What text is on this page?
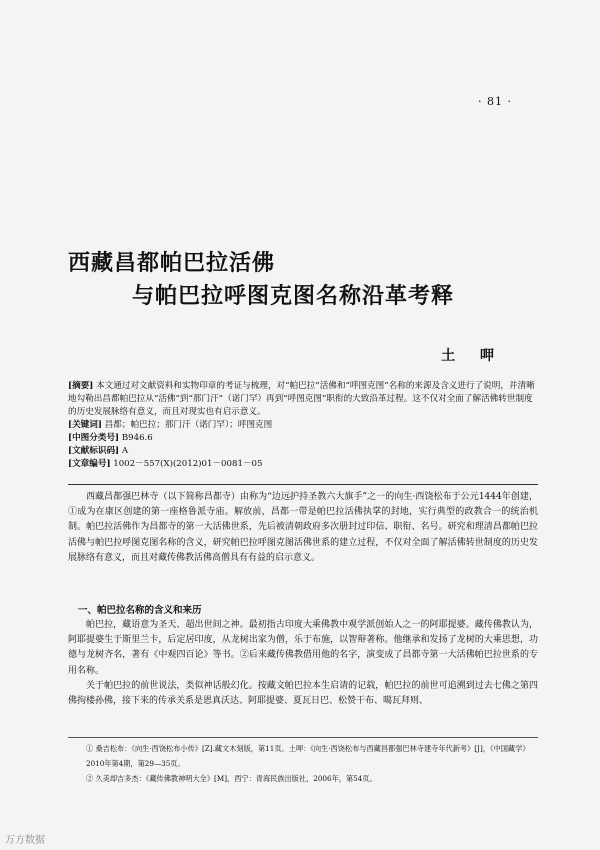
· 81 ·
西藏昌都帕巴拉活佛
与帕巴拉呼图克图名称沿革考释
土 呷

[摘要] 本文通过对文献资料和实物印章的考证与梳理，对“帕巴拉”活佛和“呼图克图”名称的来源及含义进行了说明，并清晰地勾勒出昌都帕巴拉从“活佛”到“那门汗”（诺门罕）再到“呼图克图”职衔的大致沿革过程。这不仅对全面了解活佛转世制度的历史发展脉络有意义，而且对现实也有启示意义。

[关键词] 昌都；帕巴拉；那门汗（诺门罕）；呼图克图

[中图分类号] B946.6

[文献标识码] A

[文章编号] 1002－557(X)(2012)01－0081－05

西藏昌都强巴林寺（以下简称昌都寺）由称为“边远护持圣教六大旗手”之一的向生·西饶松布于公元1444年创建，①成为在康区创建的第一座格鲁派寺庙。解放前，昌都一带是帕巴拉活佛执掌的封地，实行典型的政教合一的统治机制。帕巴拉活佛作为昌都寺的第一大活佛世系，先后被清朝政府多次册封过印信、职衔、名号。研究和理清昌都帕巴拉活佛与帕巴拉呼图克图名称的含义，研究帕巴拉呼图克图活佛世系的建立过程，不仅对全面了解活佛转世制度的历史发展脉络有意义，而且对藏传佛教活佛高僧具有有益的启示意义。

一、帕巴拉名称的含义和来历

帕巴拉，藏语意为圣天、超出世间之神。最初指古印度大乘佛教中观学派创始人之一的阿耶提婆。藏传佛教认为，阿耶提婆生于斯里兰卡，后定居印度，从龙树出家为僧，乐于布施，以智辩著称。他继承和发扬了龙树的大乘思想，功德与龙树齐名，著有《中观四百论》等书。②后来藏传佛教借用他的名字，演变成了昌都寺第一大活佛帕巴拉世系的专用名称。

关于帕巴拉的前世说法，类似神话般幻化。按藏文帕巴拉本生启请的记载，帕巴拉的前世可追溯到过去七佛之第四佛拘楼孙佛，接下来的传承关系是恩真沃达、阿耶提婆、夏瓦日巴、松赞干布、噶瓦拜则、

① 桑吉松布：《向生·西饶松布小传》[Z].藏文木刻版，第11页。土呷：《向生·西饶松布与西藏昌都强巴林寺建寺年代新考》[J]，《中国藏学》2010年第4期，第29—35页。

② 久美却吉多杰：《藏传佛教神明大全》[M]，西宁：青海民族出版社，2006年，第54页。

万方数据
